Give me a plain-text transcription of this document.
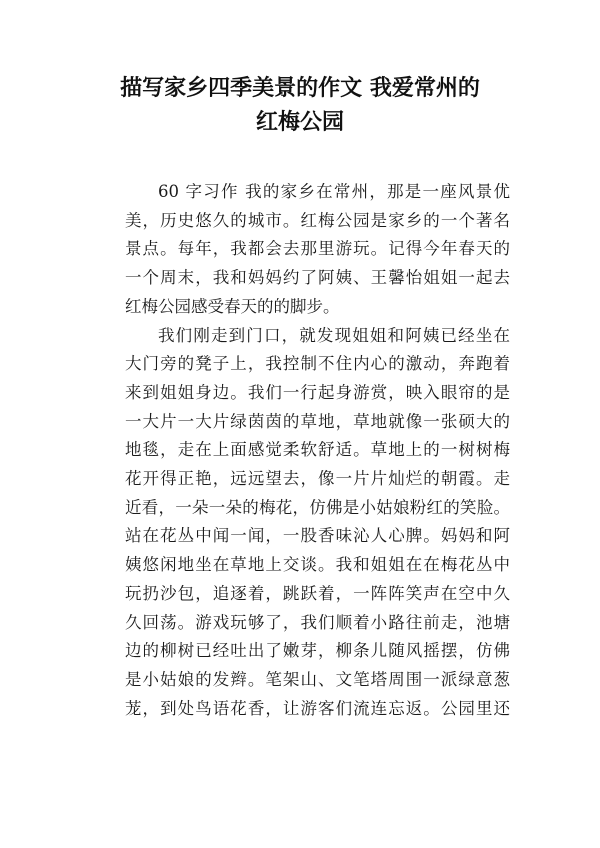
描写家乡四季美景的作文 我爱常州的
红梅公园
60 字习作 我的家乡在常州，那是一座风景优
美，历史悠久的城市。红梅公园是家乡的一个著名
景点。每年，我都会去那里游玩。记得今年春天的
一个周末，我和妈妈约了阿姨、王馨怡姐姐一起去
红梅公园感受春天的的脚步。
我们刚走到门口，就发现姐姐和阿姨已经坐在
大门旁的凳子上，我控制不住内心的激动，奔跑着
来到姐姐身边。我们一行起身游赏，映入眼帘的是
一大片一大片绿茵茵的草地，草地就像一张硕大的
地毯，走在上面感觉柔软舒适。草地上的一树树梅
花开得正艳，远远望去，像一片片灿烂的朝霞。走
近看，一朵一朵的梅花，仿佛是小姑娘粉红的笑脸。
站在花丛中闻一闻，一股香味沁人心脾。妈妈和阿
姨悠闲地坐在草地上交谈。我和姐姐在在梅花丛中
玩扔沙包，追逐着，跳跃着，一阵阵笑声在空中久
久回荡。游戏玩够了，我们顺着小路往前走，池塘
边的柳树已经吐出了嫩芽，柳条儿随风摇摆，仿佛
是小姑娘的发辫。笔架山、文笔塔周围一派绿意葱
茏，到处鸟语花香，让游客们流连忘返。公园里还
